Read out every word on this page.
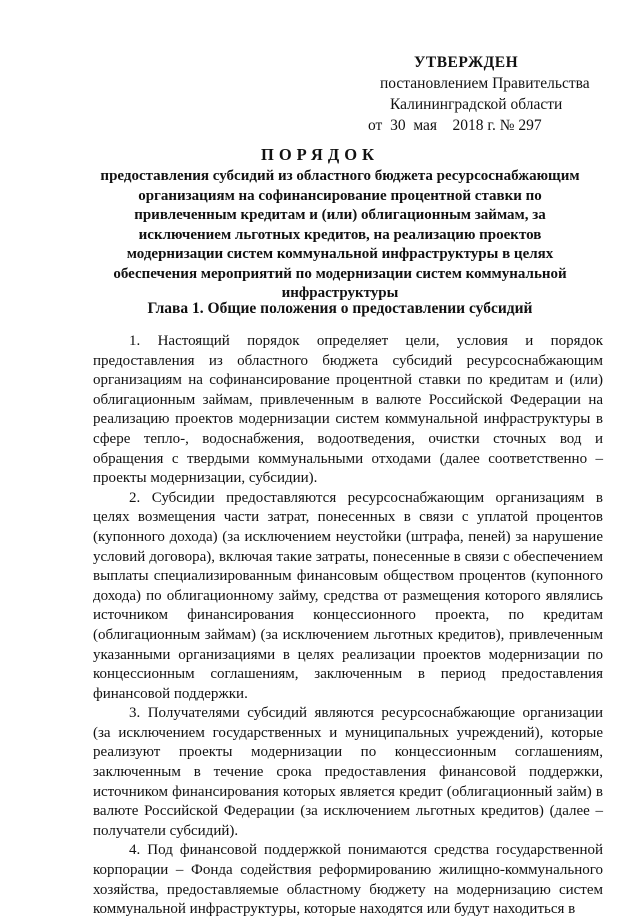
УТВЕРЖДЕН
постановлением Правительства
Калининградской области
от  30  мая    2018 г. № 297
ПОРЯДОК
предоставления субсидий из областного бюджета ресурсоснабжающим организациям на софинансирование процентной ставки по привлеченным кредитам и (или) облигационным займам, за исключением льготных кредитов, на реализацию проектов модернизации систем коммунальной инфраструктуры в целях обеспечения мероприятий по модернизации систем коммунальной инфраструктуры
Глава 1. Общие положения о предоставлении субсидий

1. Настоящий порядок определяет цели, условия и порядок предоставления из областного бюджета субсидий ресурсоснабжающим организациям на софинансирование процентной ставки по кредитам и (или) облигационным займам, привлеченным в валюте Российской Федерации на реализацию проектов модернизации систем коммунальной инфраструктуры в сфере тепло-, водоснабжения, водоотведения, очистки сточных вод и обращения с твердыми коммунальными отходами (далее соответственно – проекты модернизации, субсидии).

2. Субсидии предоставляются ресурсоснабжающим организациям в целях возмещения части затрат, понесенных в связи с уплатой процентов (купонного дохода) (за исключением неустойки (штрафа, пеней) за нарушение условий договора), включая такие затраты, понесенные в связи с обеспечением выплаты специализированным финансовым обществом процентов (купонного дохода) по облигационному займу, средства от размещения которого являлись источником финансирования концессионного проекта, по кредитам (облигационным займам) (за исключением льготных кредитов), привлеченным указанными организациями в целях реализации проектов модернизации по концессионным соглашениям, заключенным в период предоставления финансовой поддержки.

3. Получателями субсидий являются ресурсоснабжающие организации (за исключением государственных и муниципальных учреждений), которые реализуют проекты модернизации по концессионным соглашениям, заключенным в течение срока предоставления финансовой поддержки, источником финансирования которых является кредит (облигационный займ) в валюте Российской Федерации (за исключением льготных кредитов) (далее – получатели субсидий).

4. Под финансовой поддержкой понимаются средства государственной корпорации – Фонда содействия реформированию жилищно-коммунального хозяйства, предоставляемые областному бюджету на модернизацию систем коммунальной инфраструктуры, которые находятся или будут находиться в
